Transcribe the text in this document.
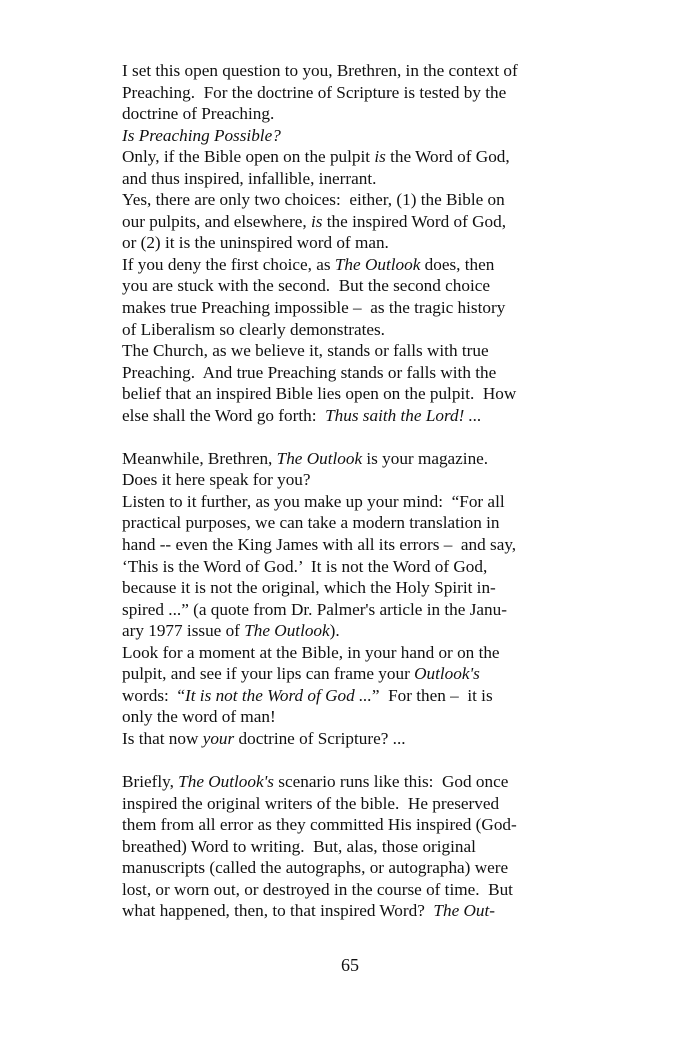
I set this open question to you, Brethren, in the context of
Preaching.  For the doctrine of Scripture is tested by the
doctrine of Preaching.
Is Preaching Possible?
Only, if the Bible open on the pulpit is the Word of God,
and thus inspired, infallible, inerrant.
Yes, there are only two choices:  either, (1) the Bible on
our pulpits, and elsewhere, is the inspired Word of God,
or (2) it is the uninspired word of man.
If you deny the first choice, as The Outlook does, then
you are stuck with the second.  But the second choice
makes true Preaching impossible –  as the tragic history
of Liberalism so clearly demonstrates.
The Church, as we believe it, stands or falls with true
Preaching.  And true Preaching stands or falls with the
belief that an inspired Bible lies open on the pulpit.  How
else shall the Word go forth:  Thus saith the Lord! ...
Meanwhile, Brethren, The Outlook is your magazine.
Does it here speak for you?
Listen to it further, as you make up your mind:  “For all
practical purposes, we can take a modern translation in
hand -- even the King James with all its errors –  and say,
‘This is the Word of God.’  It is not the Word of God,
because it is not the original, which the Holy Spirit in-
spired ...” (a quote from Dr. Palmer's article in the Janu-
ary 1977 issue of The Outlook).
Look for a moment at the Bible, in your hand or on the
pulpit, and see if your lips can frame your Outlook's
words:  “It is not the Word of God ...”  For then –  it is
only the word of man!
Is that now your doctrine of Scripture? ...
Briefly, The Outlook's scenario runs like this:  God once
inspired the original writers of the bible.  He preserved
them from all error as they committed His inspired (God-
breathed) Word to writing.  But, alas, those original
manuscripts (called the autographs, or autographa) were
lost, or worn out, or destroyed in the course of time.  But
what happened, then, to that inspired Word?  The Out-
65
